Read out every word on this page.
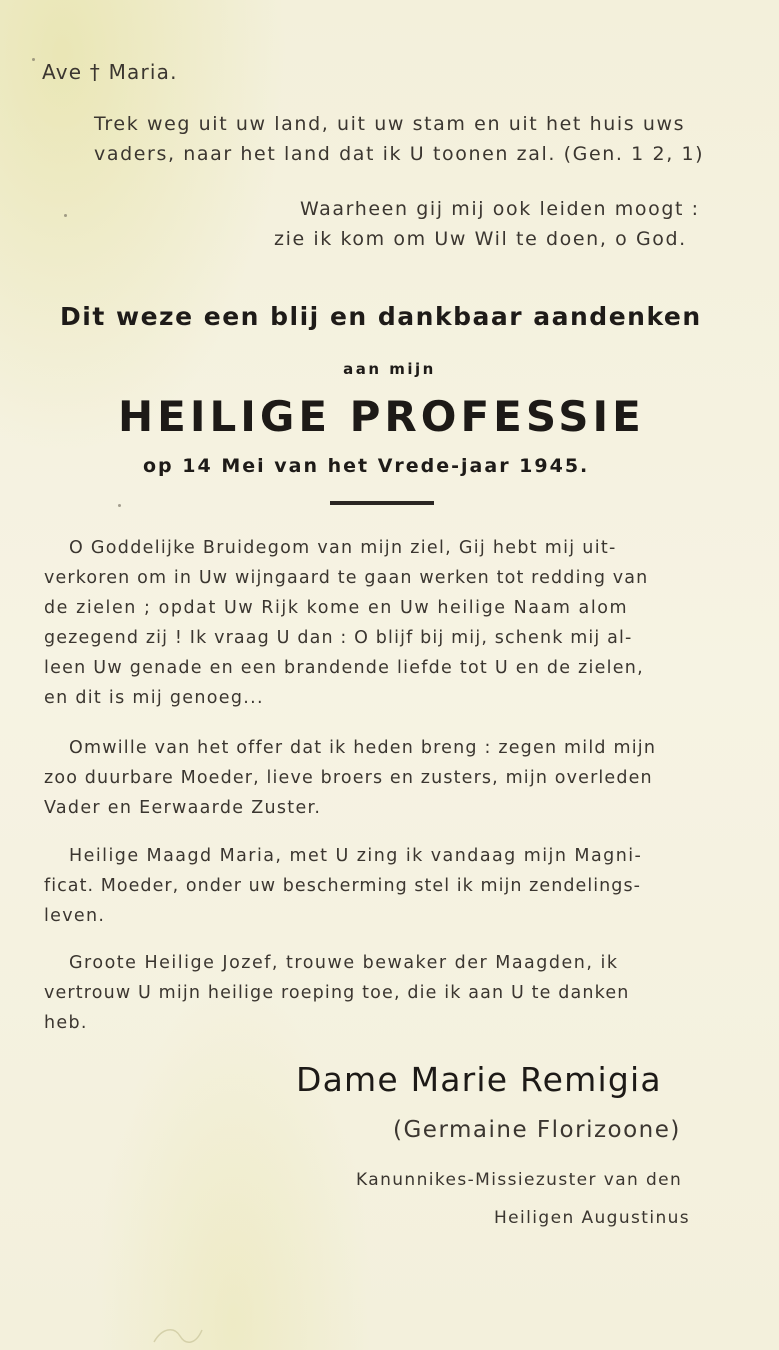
Ave † Maria.
Trek weg uit uw land, uit uw stam en uit het huis uws
vaders, naar het land dat ik U toonen zal. (Gen. 1 2, 1)
Waarheen gij mij ook leiden moogt :
zie ik kom om Uw Wil te doen, o God.
Dit weze een blij en dankbaar aandenken
aan mijn
HEILIGE PROFESSIE
op 14 Mei van het Vrede-jaar 1945.
O Goddelijke Bruidegom van mijn ziel, Gij hebt mij uit-
verkoren om in Uw wijngaard te gaan werken tot redding van
de zielen ; opdat Uw Rijk kome en Uw heilige Naam alom
gezegend zij ! Ik vraag U dan : O blijf bij mij, schenk mij al-
leen Uw genade en een brandende liefde tot U en de zielen,
en dit is mij genoeg...
Omwille van het offer dat ik heden breng : zegen mild mijn
zoo duurbare Moeder, lieve broers en zusters, mijn overleden
Vader en Eerwaarde Zuster.
Heilige Maagd Maria, met U zing ik vandaag mijn Magni-
ficat. Moeder, onder uw bescherming stel ik mijn zendelings-
leven.
Groote Heilige Jozef, trouwe bewaker der Maagden, ik
vertrouw U mijn heilige roeping toe, die ik aan U te danken
heb.
Dame Marie Remigia
(Germaine Florizoone)
Kanunnikes-Missiezuster van den
Heiligen Augustinus
